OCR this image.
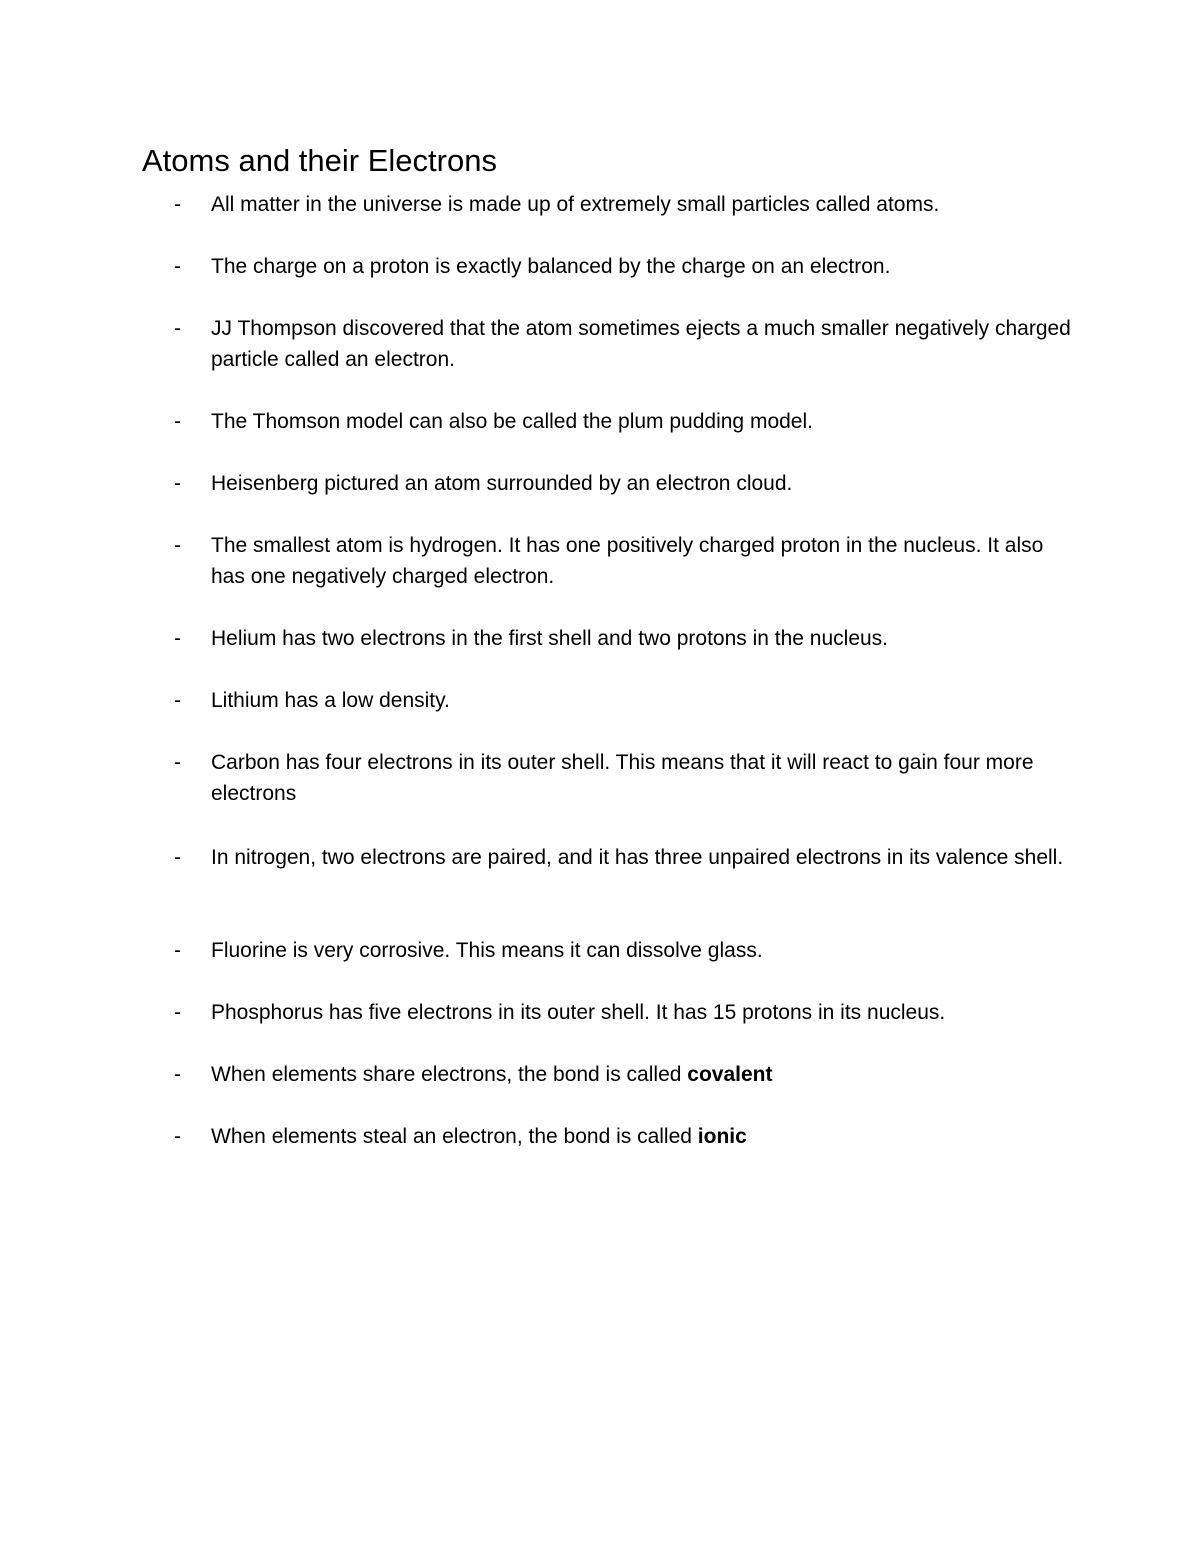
Atoms and their Electrons
- All matter in the universe is made up of extremely small particles called atoms.
- The charge on a proton is exactly balanced by the charge on an electron.
- JJ Thompson discovered that the atom sometimes ejects a much smaller negatively charged particle called an electron.
- The Thomson model can also be called the plum pudding model.
- Heisenberg pictured an atom surrounded by an electron cloud.
- The smallest atom is hydrogen. It has one positively charged proton in the nucleus. It also has one negatively charged electron.
- Helium has two electrons in the first shell and two protons in the nucleus.
- Lithium has a low density.
- Carbon has four electrons in its outer shell. This means that it will react to gain four more electrons
- In nitrogen, two electrons are paired, and it has three unpaired electrons in its valence shell.
- Fluorine is very corrosive. This means it can dissolve glass.
- Phosphorus has five electrons in its outer shell. It has 15 protons in its nucleus.
- When elements share electrons, the bond is called covalent
- When elements steal an electron, the bond is called ionic
